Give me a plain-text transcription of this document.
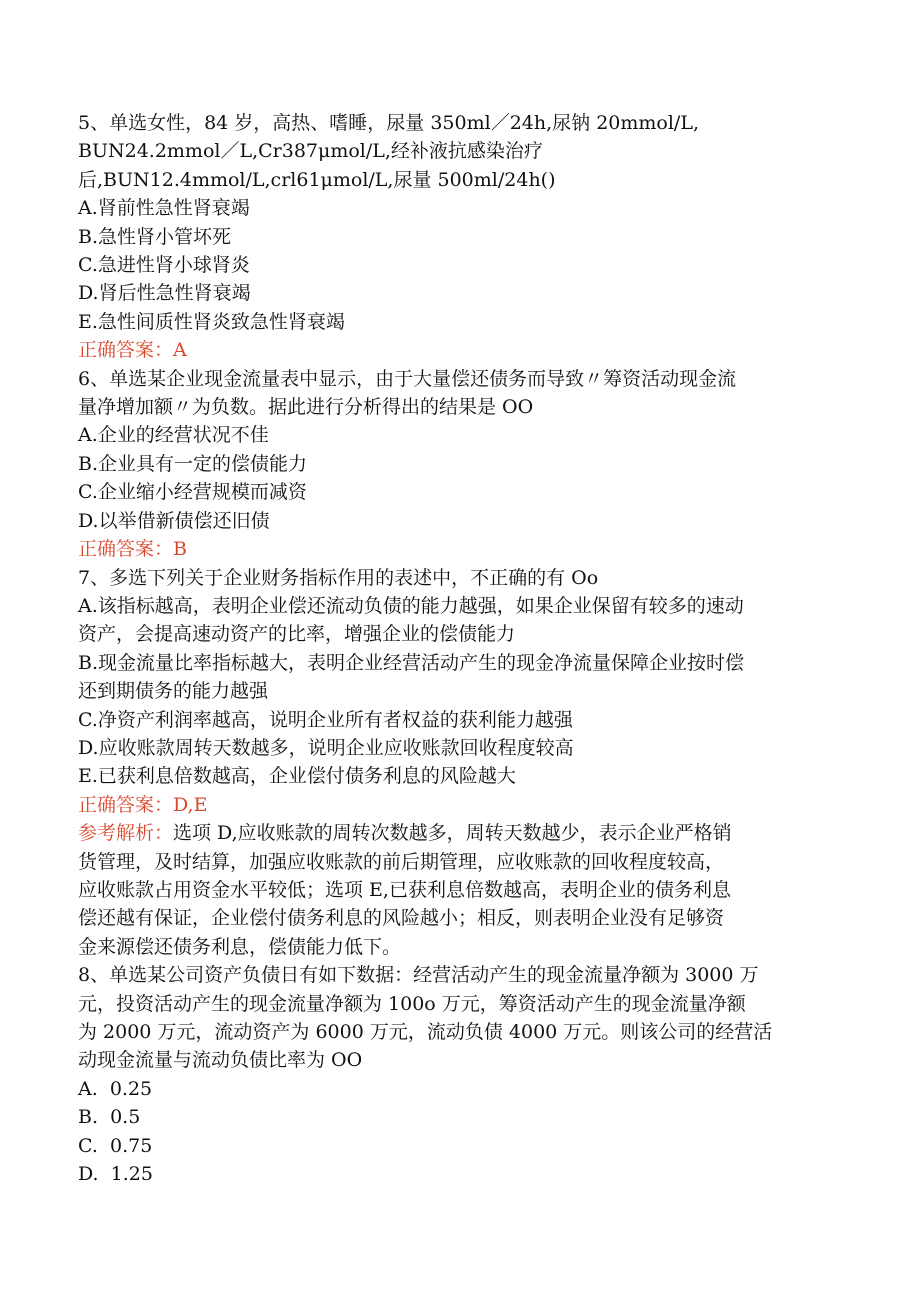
5、单选女性，84 岁，高热、嗜睡，尿量 350ml／24h,尿钠 20mmol/L,
BUN24.2mmol／L,Cr387μmol/L,经补液抗感染治疗
后,BUN12.4mmol/L,crl61μmol/L,尿量 500ml/24h()
A.肾前性急性肾衰竭
B.急性肾小管坏死
C.急进性肾小球肾炎
D.肾后性急性肾衰竭
E.急性间质性肾炎致急性肾衰竭
正确答案：A
6、单选某企业现金流量表中显示，由于大量偿还债务而导致〃筹资活动现金流
量净增加额〃为负数。据此进行分析得出的结果是 OO
A.企业的经营状况不佳
B.企业具有一定的偿债能力
C.企业缩小经营规模而减资
D.以举借新债偿还旧债
正确答案：B
7、多选下列关于企业财务指标作用的表述中，不正确的有 Oo
A.该指标越高，表明企业偿还流动负债的能力越强，如果企业保留有较多的速动
资产，会提高速动资产的比率，增强企业的偿债能力
B.现金流量比率指标越大，表明企业经营活动产生的现金净流量保障企业按时偿
还到期债务的能力越强
C.净资产利润率越高，说明企业所有者权益的获利能力越强
D.应收账款周转天数越多，说明企业应收账款回收程度较高
E.已获利息倍数越高，企业偿付债务利息的风险越大
正确答案：D,E
参考解析：选项 D,应收账款的周转次数越多，周转天数越少，表示企业严格销
货管理，及时结算，加强应收账款的前后期管理，应收账款的回收程度较高，
应收账款占用资金水平较低；选项 E,已获利息倍数越高，表明企业的债务利息
偿还越有保证，企业偿付债务利息的风险越小；相反，则表明企业没有足够资
金来源偿还债务利息，偿债能力低下。
8、单选某公司资产负债日有如下数据：经营活动产生的现金流量净额为 3000 万
元，投资活动产生的现金流量净额为 100o 万元，筹资活动产生的现金流量净额
为 2000 万元，流动资产为 6000 万元，流动负债 4000 万元。则该公司的经营活
动现金流量与流动负债比率为 OO
A.  0.25
B.  0.5
C.  0.75
D.  1.25
